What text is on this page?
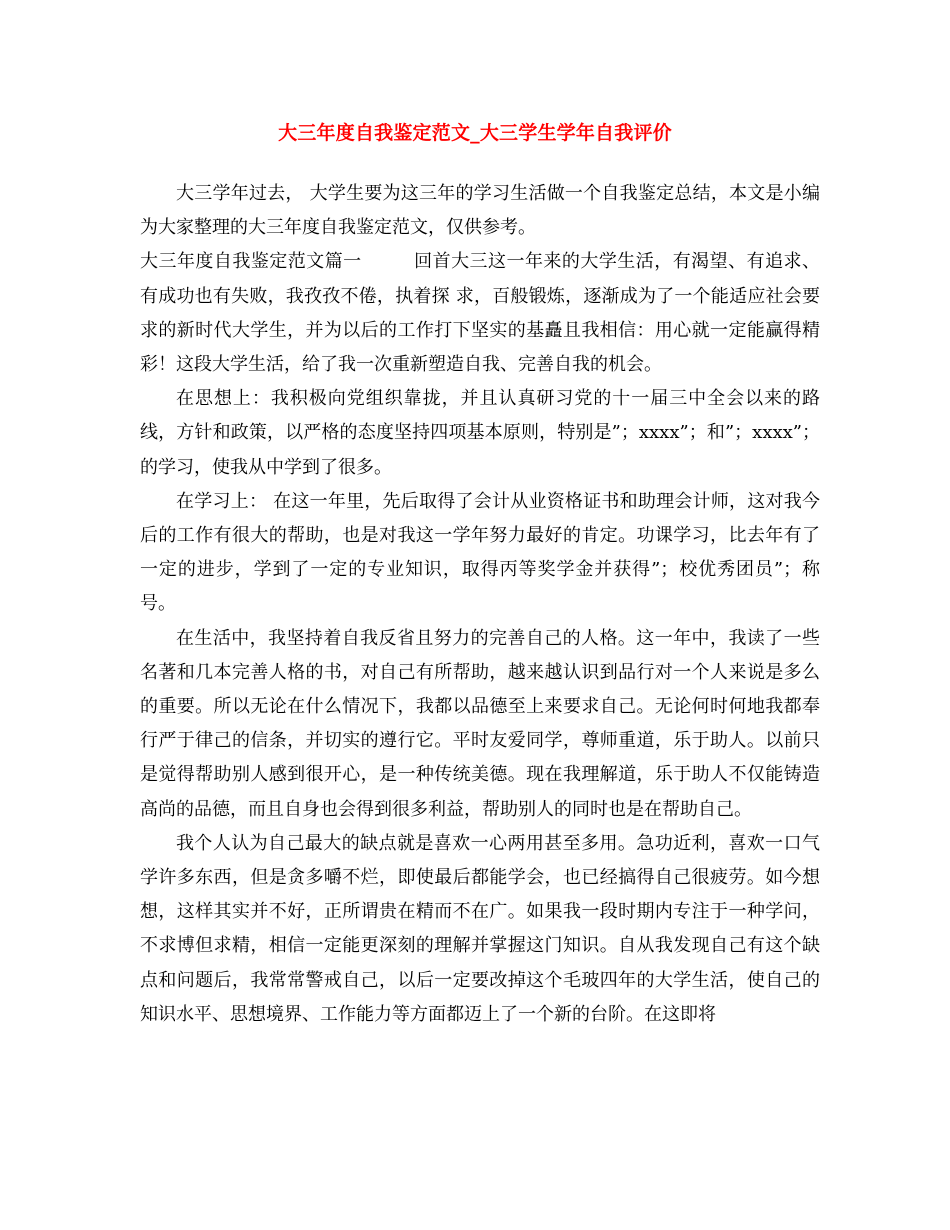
大三年度自我鉴定范文_大三学生学年自我评价

大三学年过去， 大学生要为这三年的学习生活做一个自我鉴定总结，本文是小编为大家整理的大三年度自我鉴定范文，仅供参考。

大三年度自我鉴定范文篇一	回首大三这一年来的大学生活，有渴望、有追求、有成功也有失败，我孜孜不倦，执着探 求，百般锻炼，逐渐成为了一个能适应社会要求的新时代大学生，并为以后的工作打下坚实的基矗且我相信：用心就一定能赢得精彩！这段大学生活，给了我一次重新塑造自我、完善自我的机会。

在思想上：我积极向党组织靠拢，并且认真研习党的十一届三中全会以来的路线，方针和政策，以严格的态度坚持四项基本原则，特别是”；xxxx”；和”；xxxx”；的学习，使我从中学到了很多。

在学习上： 在这一年里，先后取得了会计从业资格证书和助理会计师，这对我今后的工作有很大的帮助，也是对我这一学年努力最好的肯定。功课学习，比去年有了一定的进步，学到了一定的专业知识，取得丙等奖学金并获得”；校优秀团员”；称号。

在生活中，我坚持着自我反省且努力的完善自己的人格。这一年中，我读了一些名著和几本完善人格的书，对自己有所帮助，越来越认识到品行对一个人来说是多么的重要。所以无论在什么情况下，我都以品德至上来要求自己。无论何时何地我都奉行严于律己的信条，并切实的遵行它。平时友爱同学，尊师重道，乐于助人。以前只是觉得帮助别人感到很开心，是一种传统美德。现在我理解道，乐于助人不仅能铸造高尚的品德，而且自身也会得到很多利益，帮助别人的同时也是在帮助自己。

我个人认为自己最大的缺点就是喜欢一心两用甚至多用。急功近利，喜欢一口气学许多东西，但是贪多嚼不烂，即使最后都能学会，也已经搞得自己很疲劳。如今想想，这样其实并不好，正所谓贵在精而不在广。如果我一段时期内专注于一种学问，不求博但求精，相信一定能更深刻的理解并掌握这门知识。自从我发现自己有这个缺点和问题后，我常常警戒自己，以后一定要改掉这个毛玻四年的大学生活，使自己的知识水平、思想境界、工作能力等方面都迈上了一个新的台阶。在这即将
